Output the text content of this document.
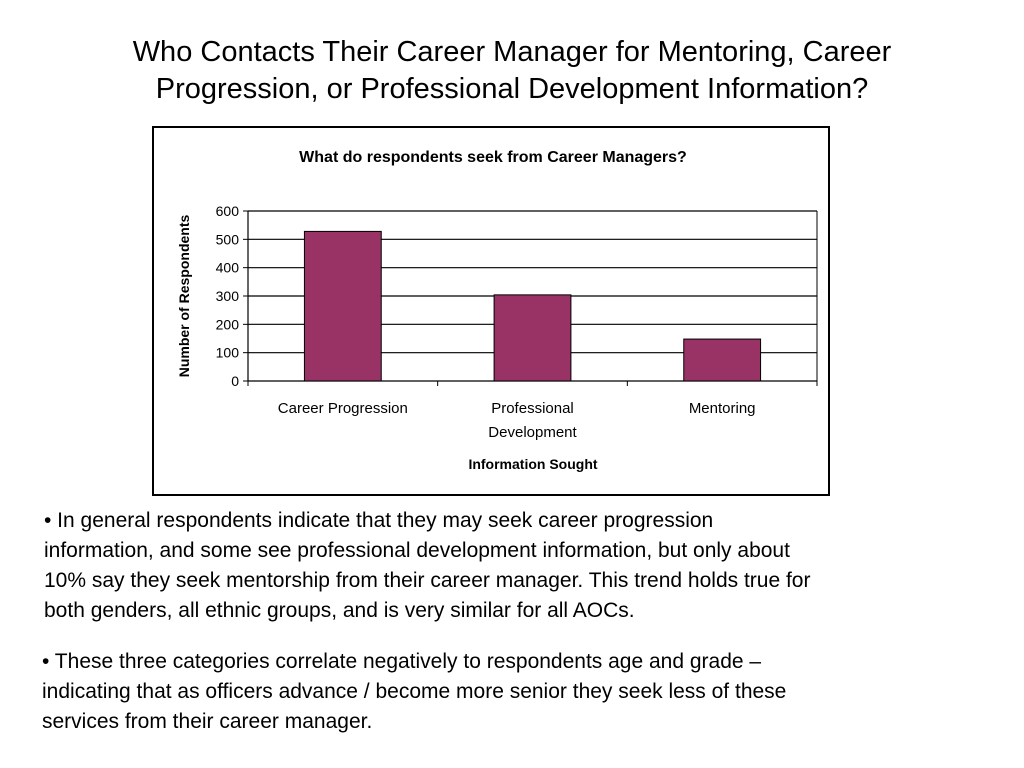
Who Contacts Their Career Manager for Mentoring, Career
Progression, or Professional Development Information?
What do respondents seek from Career Managers?
Number of Respondents
Information Sought
0
100
200
300
400
500
600
Career Progression	Professional
Development
Mentoring
• In general respondents indicate that they may seek career progression
information, and some see professional development information, but only about
10% say they seek mentorship from their career manager. This trend holds true for
both genders, all ethnic groups, and is very similar for all AOCs.
• These three categories correlate negatively to respondents age and grade –
indicating that as officers advance / become more senior they seek less of these
services from their career manager.
